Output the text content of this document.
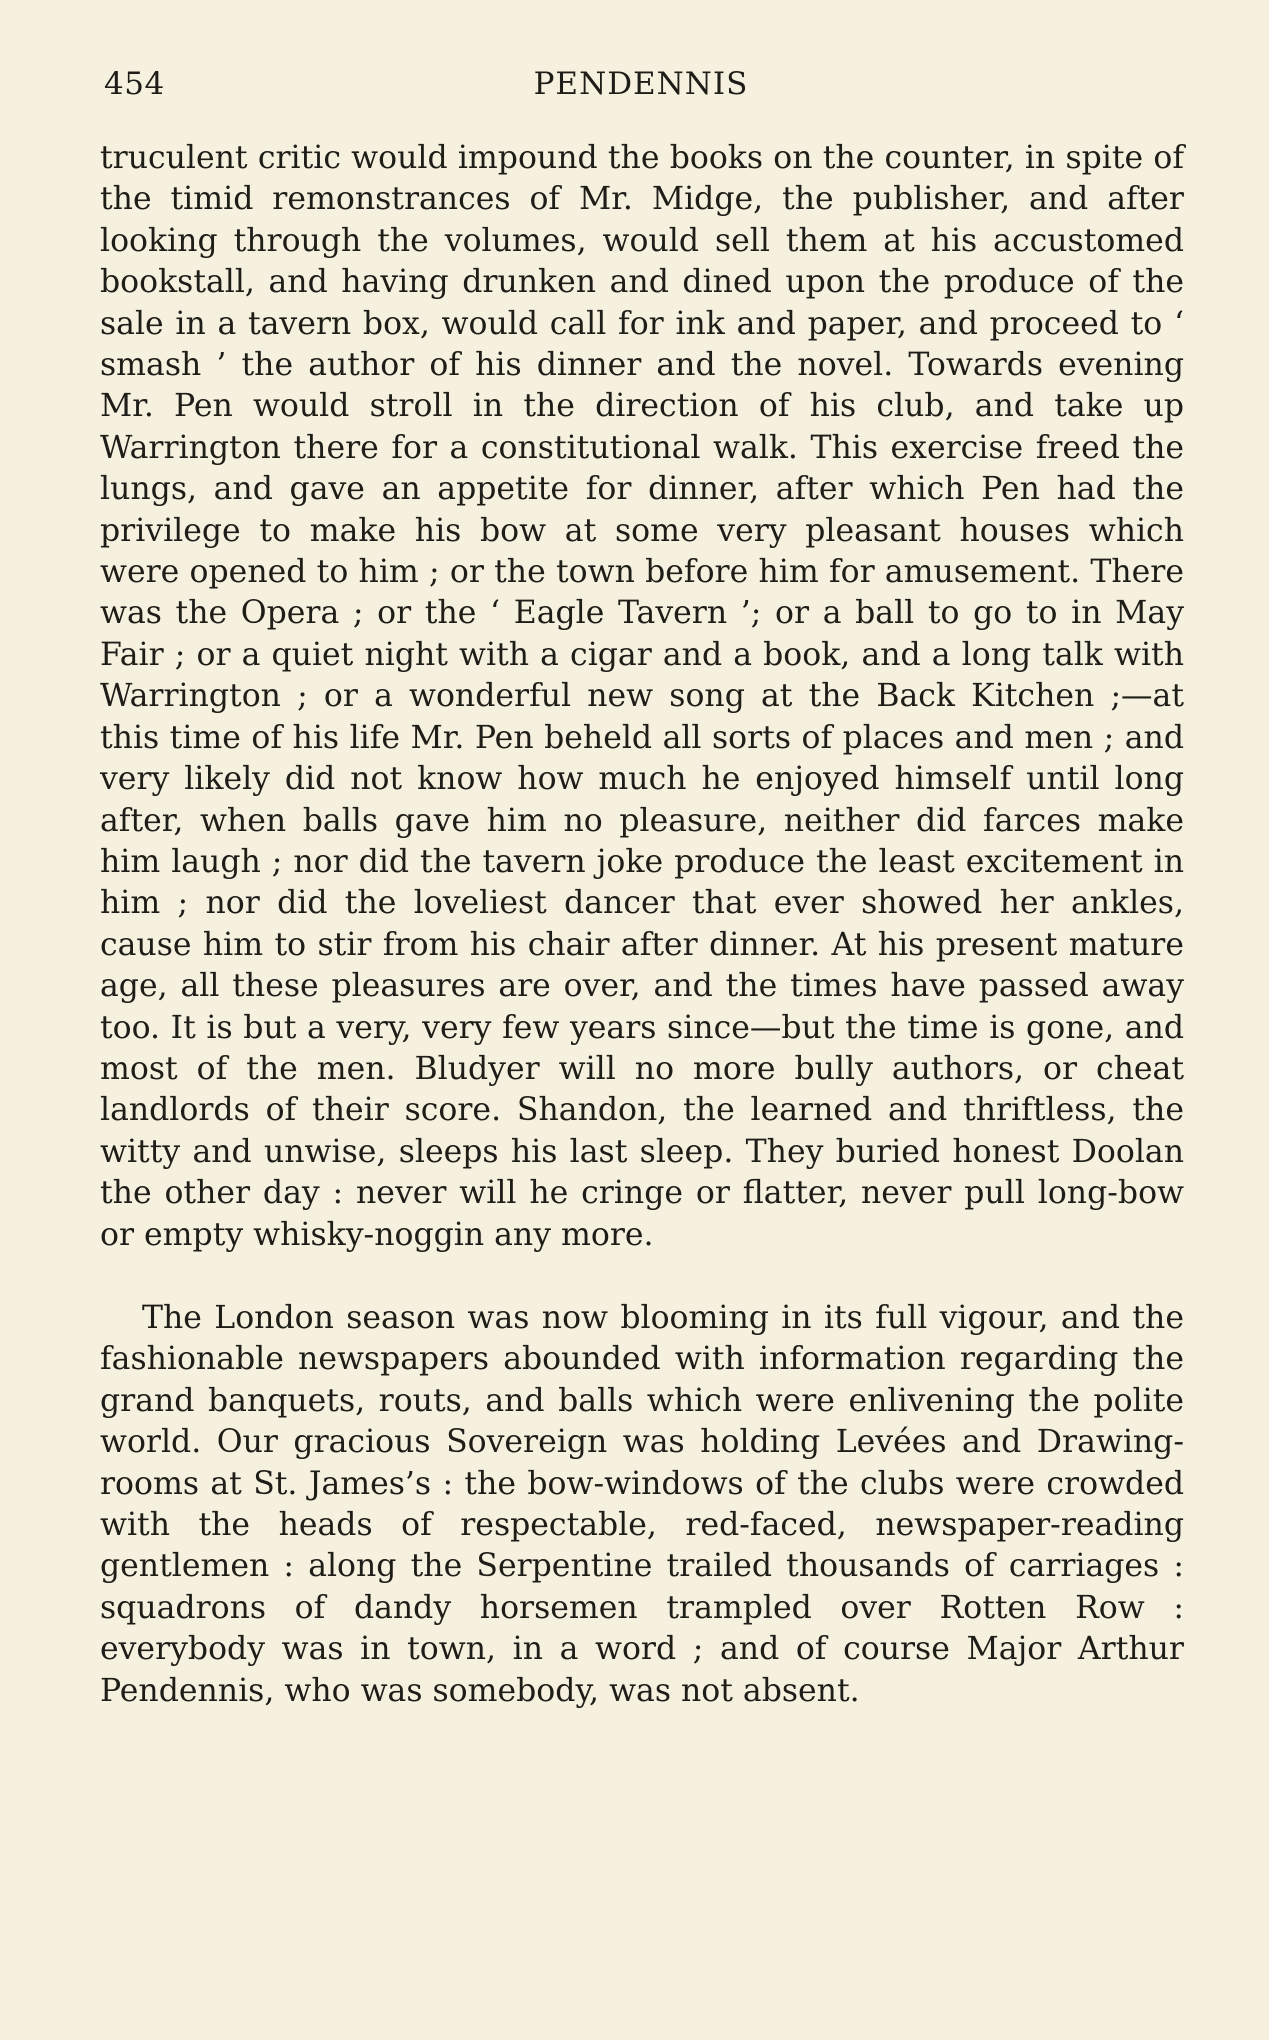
454	PENDENNIS

truculent critic would impound the books on the counter, in spite of the timid remonstrances of Mr. Midge, the publisher, and after looking through the volumes, would sell them at his accustomed bookstall, and having drunken and dined upon the produce of the sale in a tavern box, would call for ink and paper, and proceed to ‘ smash ’ the author of his dinner and the novel. Towards evening Mr. Pen would stroll in the direction of his club, and take up Warrington there for a constitutional walk. This exercise freed the lungs, and gave an appetite for dinner, after which Pen had the privilege to make his bow at some very pleasant houses which were opened to him ; or the town before him for amusement. There was the Opera ; or the ‘ Eagle Tavern ’; or a ball to go to in May Fair ; or a quiet night with a cigar and a book, and a long talk with Warrington ; or a wonderful new song at the Back Kitchen ;—at this time of his life Mr. Pen beheld all sorts of places and men ; and very likely did not know how much he enjoyed himself until long after, when balls gave him no pleasure, neither did farces make him laugh ; nor did the tavern joke produce the least excitement in him ; nor did the loveliest dancer that ever showed her ankles, cause him to stir from his chair after dinner. At his present mature age, all these pleasures are over, and the times have passed away too. It is but a very, very few years since—but the time is gone, and most of the men. Bludyer will no more bully authors, or cheat landlords of their score. Shandon, the learned and thriftless, the witty and unwise, sleeps his last sleep. They buried honest Doolan the other day : never will he cringe or flatter, never pull long-bow or empty whisky-noggin any more.

The London season was now blooming in its full vigour, and the fashionable newspapers abounded with information regarding the grand banquets, routs, and balls which were enlivening the polite world. Our gracious Sovereign was holding Levées and Drawing-rooms at St. James’s : the bow-windows of the clubs were crowded with the heads of respectable, red-faced, newspaper-reading gentlemen : along the Serpentine trailed thousands of carriages : squadrons of dandy horsemen trampled over Rotten Row : everybody was in town, in a word ; and of course Major Arthur Pendennis, who was somebody, was not absent.
